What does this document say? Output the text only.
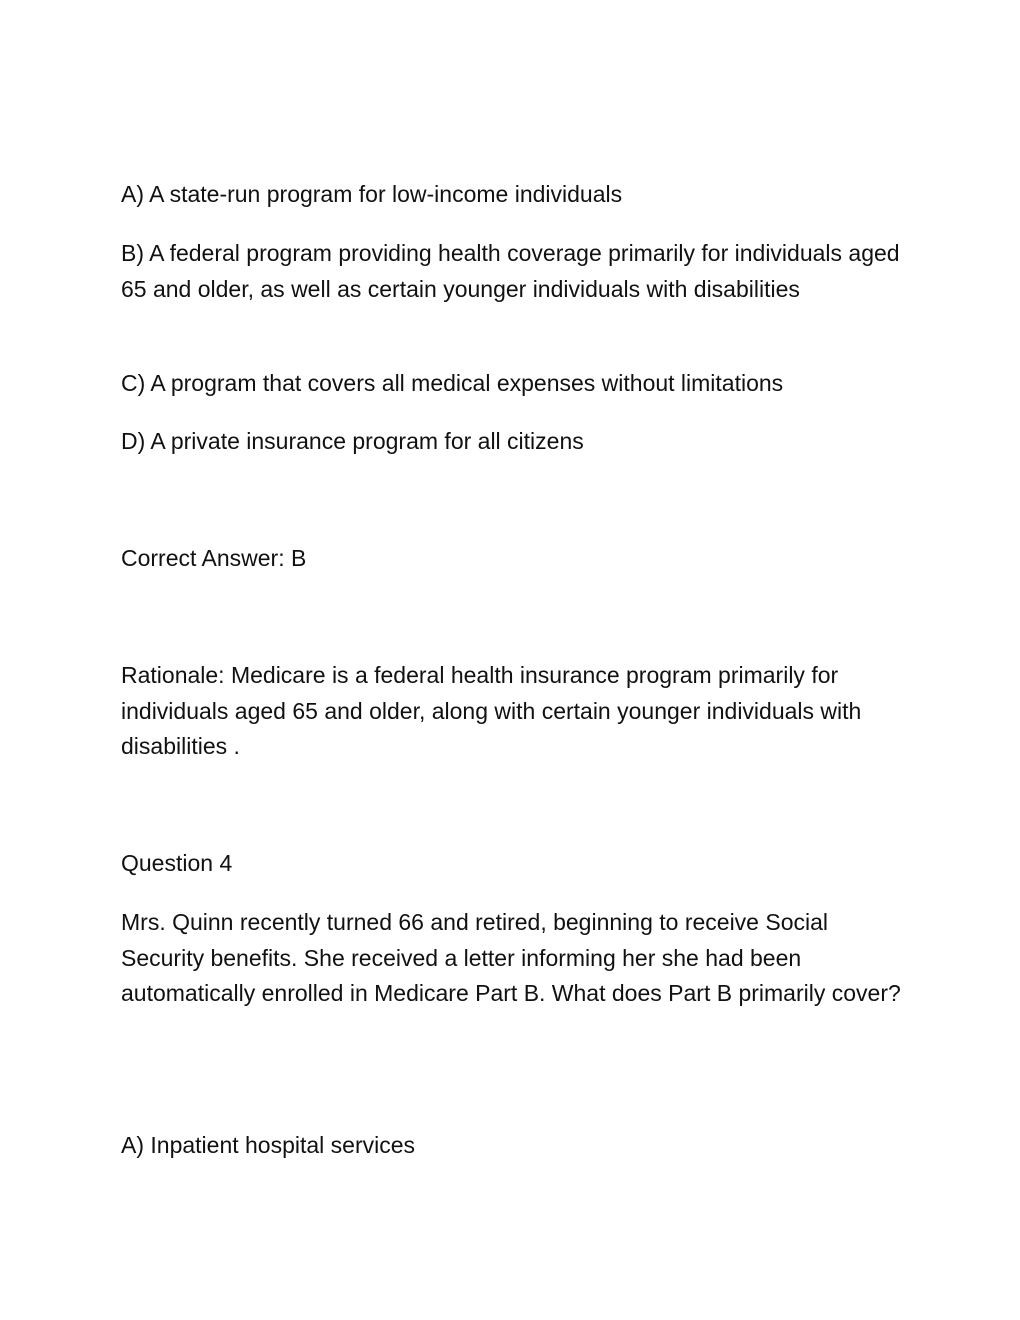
A) A state-run program for low-income individuals
B) A federal program providing health coverage primarily for individuals aged 65 and older, as well as certain younger individuals with disabilities
C) A program that covers all medical expenses without limitations
D) A private insurance program for all citizens
Correct Answer: B
Rationale: Medicare is a federal health insurance program primarily for individuals aged 65 and older, along with certain younger individuals with disabilities .
Question 4
Mrs. Quinn recently turned 66 and retired, beginning to receive Social Security benefits. She received a letter informing her she had been automatically enrolled in Medicare Part B. What does Part B primarily cover?
A) Inpatient hospital services
